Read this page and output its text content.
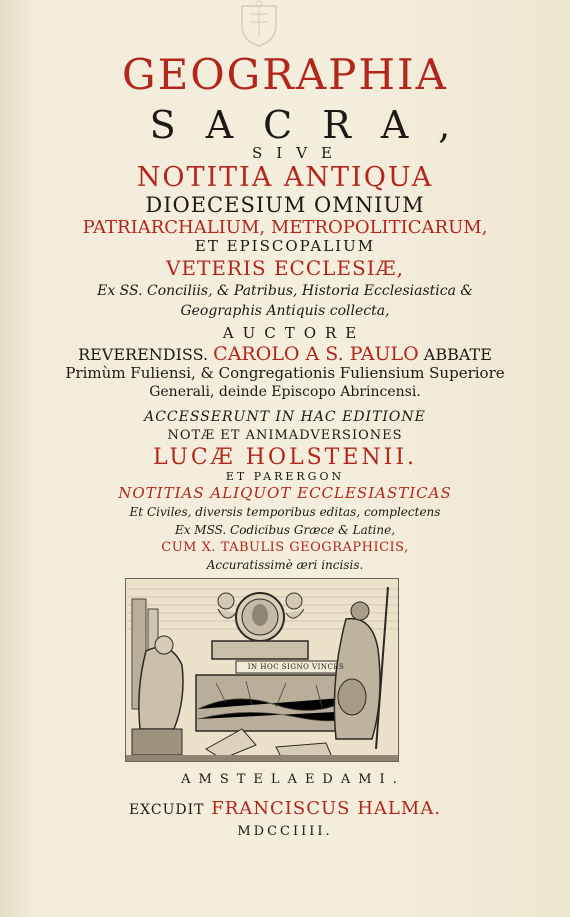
GEOGRAPHIA
SACRA,
SIVE
NOTITIA ANTIQUA
DIOECESIUM OMNIUM
PATRIARCHALIUM, METROPOLITICARUM,
ET EPISCOPALIUM
VETERIS ECCLESIÆ,
Ex SS. Conciliis, & Patribus, Historia Ecclesiastica &
Geographis Antiquis collecta,
AUCTORE
REVERENDISS. CAROLO A S. PAULO ABBATE
Primùm Fuliensi, & Congregationis Fuliensium Superiore
Generali, deinde Episcopo Abrincensi.
ACCESSERUNT IN HAC EDITIONE
NOTÆ ET ANIMADVERSIONES
LUCÆ HOLSTENII.
ET PARERGON
NOTITIAS ALIQUOT ECCLESIASTICAS
Et Civiles, diversis temporibus editas, complectens
Ex MSS. Codicibus Græce & Latine,
CUM X. TABULIS GEOGRAPHICIS,
Accuratissimè æri incisis.
IN HOC SIGNO VINCES
AMSTELAEDAMI.
EXCUDIT FRANCISCUS HALMA.
MDCCIIII.
